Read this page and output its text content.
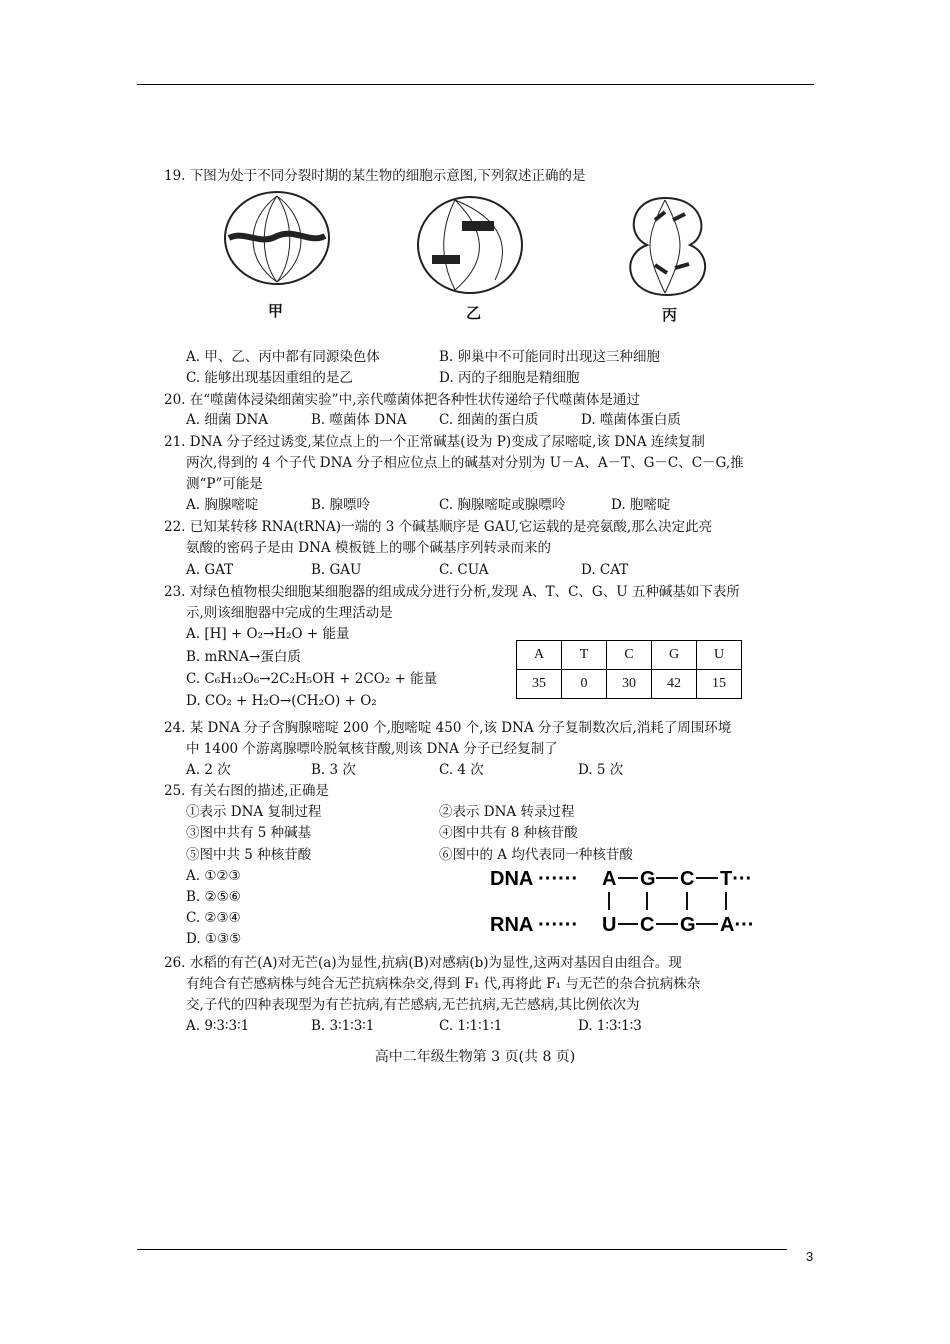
19. 下图为处于不同分裂时期的某生物的细胞示意图,下列叙述正确的是
甲	乙	丙
A. 甲、乙、丙中都有同源染色体	B. 卵巢中不可能同时出现这三种细胞
C. 能够出现基因重组的是乙	D. 丙的子细胞是精细胞
20. 在“噬菌体浸染细菌实验”中,亲代噬菌体把各种性状传递给子代噬菌体是通过
A. 细菌 DNA	B. 噬菌体 DNA C. 细菌的蛋白质	D. 噬菌体蛋白质
21. DNA 分子经过诱变,某位点上的一个正常碱基(设为 P)变成了尿嘧啶,该 DNA 连续复制
两次,得到的 4 个子代 DNA 分子相应位点上的碱基对分别为 U－A、A－T、G－C、C－G,推
测“P”可能是
A. 胸腺嘧啶	B. 腺嘌呤	C. 胸腺嘧啶或腺嘌呤	D. 胞嘧啶
22. 已知某转移 RNA(tRNA)一端的 3 个碱基顺序是 GAU,它运载的是亮氨酸,那么决定此亮
氨酸的密码子是由 DNA 模板链上的哪个碱基序列转录而来的
A. GAT	B. GAU	C. CUA	D. CAT
23. 对绿色植物根尖细胞某细胞器的组成成分进行分析,发现 A、T、C、G、U 五种碱基如下表所
示,则该细胞器中完成的生理活动是
A. [H] + O₂→H₂O + 能量
B. mRNA→蛋白质
C. C₆H₁₂O₆→2C₂H₅OH + 2CO₂ + 能量
D. CO₂ + H₂O→(CH₂O) + O₂
A	T	C	G	U
35	0	30	42	15
24. 某 DNA 分子含胸腺嘧啶 200 个,胞嘧啶 450 个,该 DNA 分子复制数次后,消耗了周围环境
中 1400 个游离腺嘌呤脱氧核苷酸,则该 DNA 分子已经复制了
A. 2 次	B. 3 次	C. 4 次	D. 5 次
25. 有关右图的描述,正确是
①表示 DNA 复制过程	②表示 DNA 转录过程
③图中共有 5 种碱基	④图中共有 8 种核苷酸
⑤图中共 5 种核苷酸	⑥图中的 A 均代表同一种核苷酸
A. ①②③
B. ②⑤⑥
C. ②③④
D. ①③⑤
DNA ······
RNA ······
A G C T···
U C G A···
26. 水稻的有芒(A)对无芒(a)为显性,抗病(B)对感病(b)为显性,这两对基因自由组合。现
有纯合有芒感病株与纯合无芒抗病株杂交,得到 F₁ 代,再将此 F₁ 与无芒的杂合抗病株杂
交,子代的四种表现型为有芒抗病,有芒感病,无芒抗病,无芒感病,其比例依次为
A. 9∶3∶3∶1	B. 3∶1∶3∶1	C. 1∶1∶1∶1	D. 1∶3∶1∶3
高中二年级生物第 3 页(共 8 页)
3
